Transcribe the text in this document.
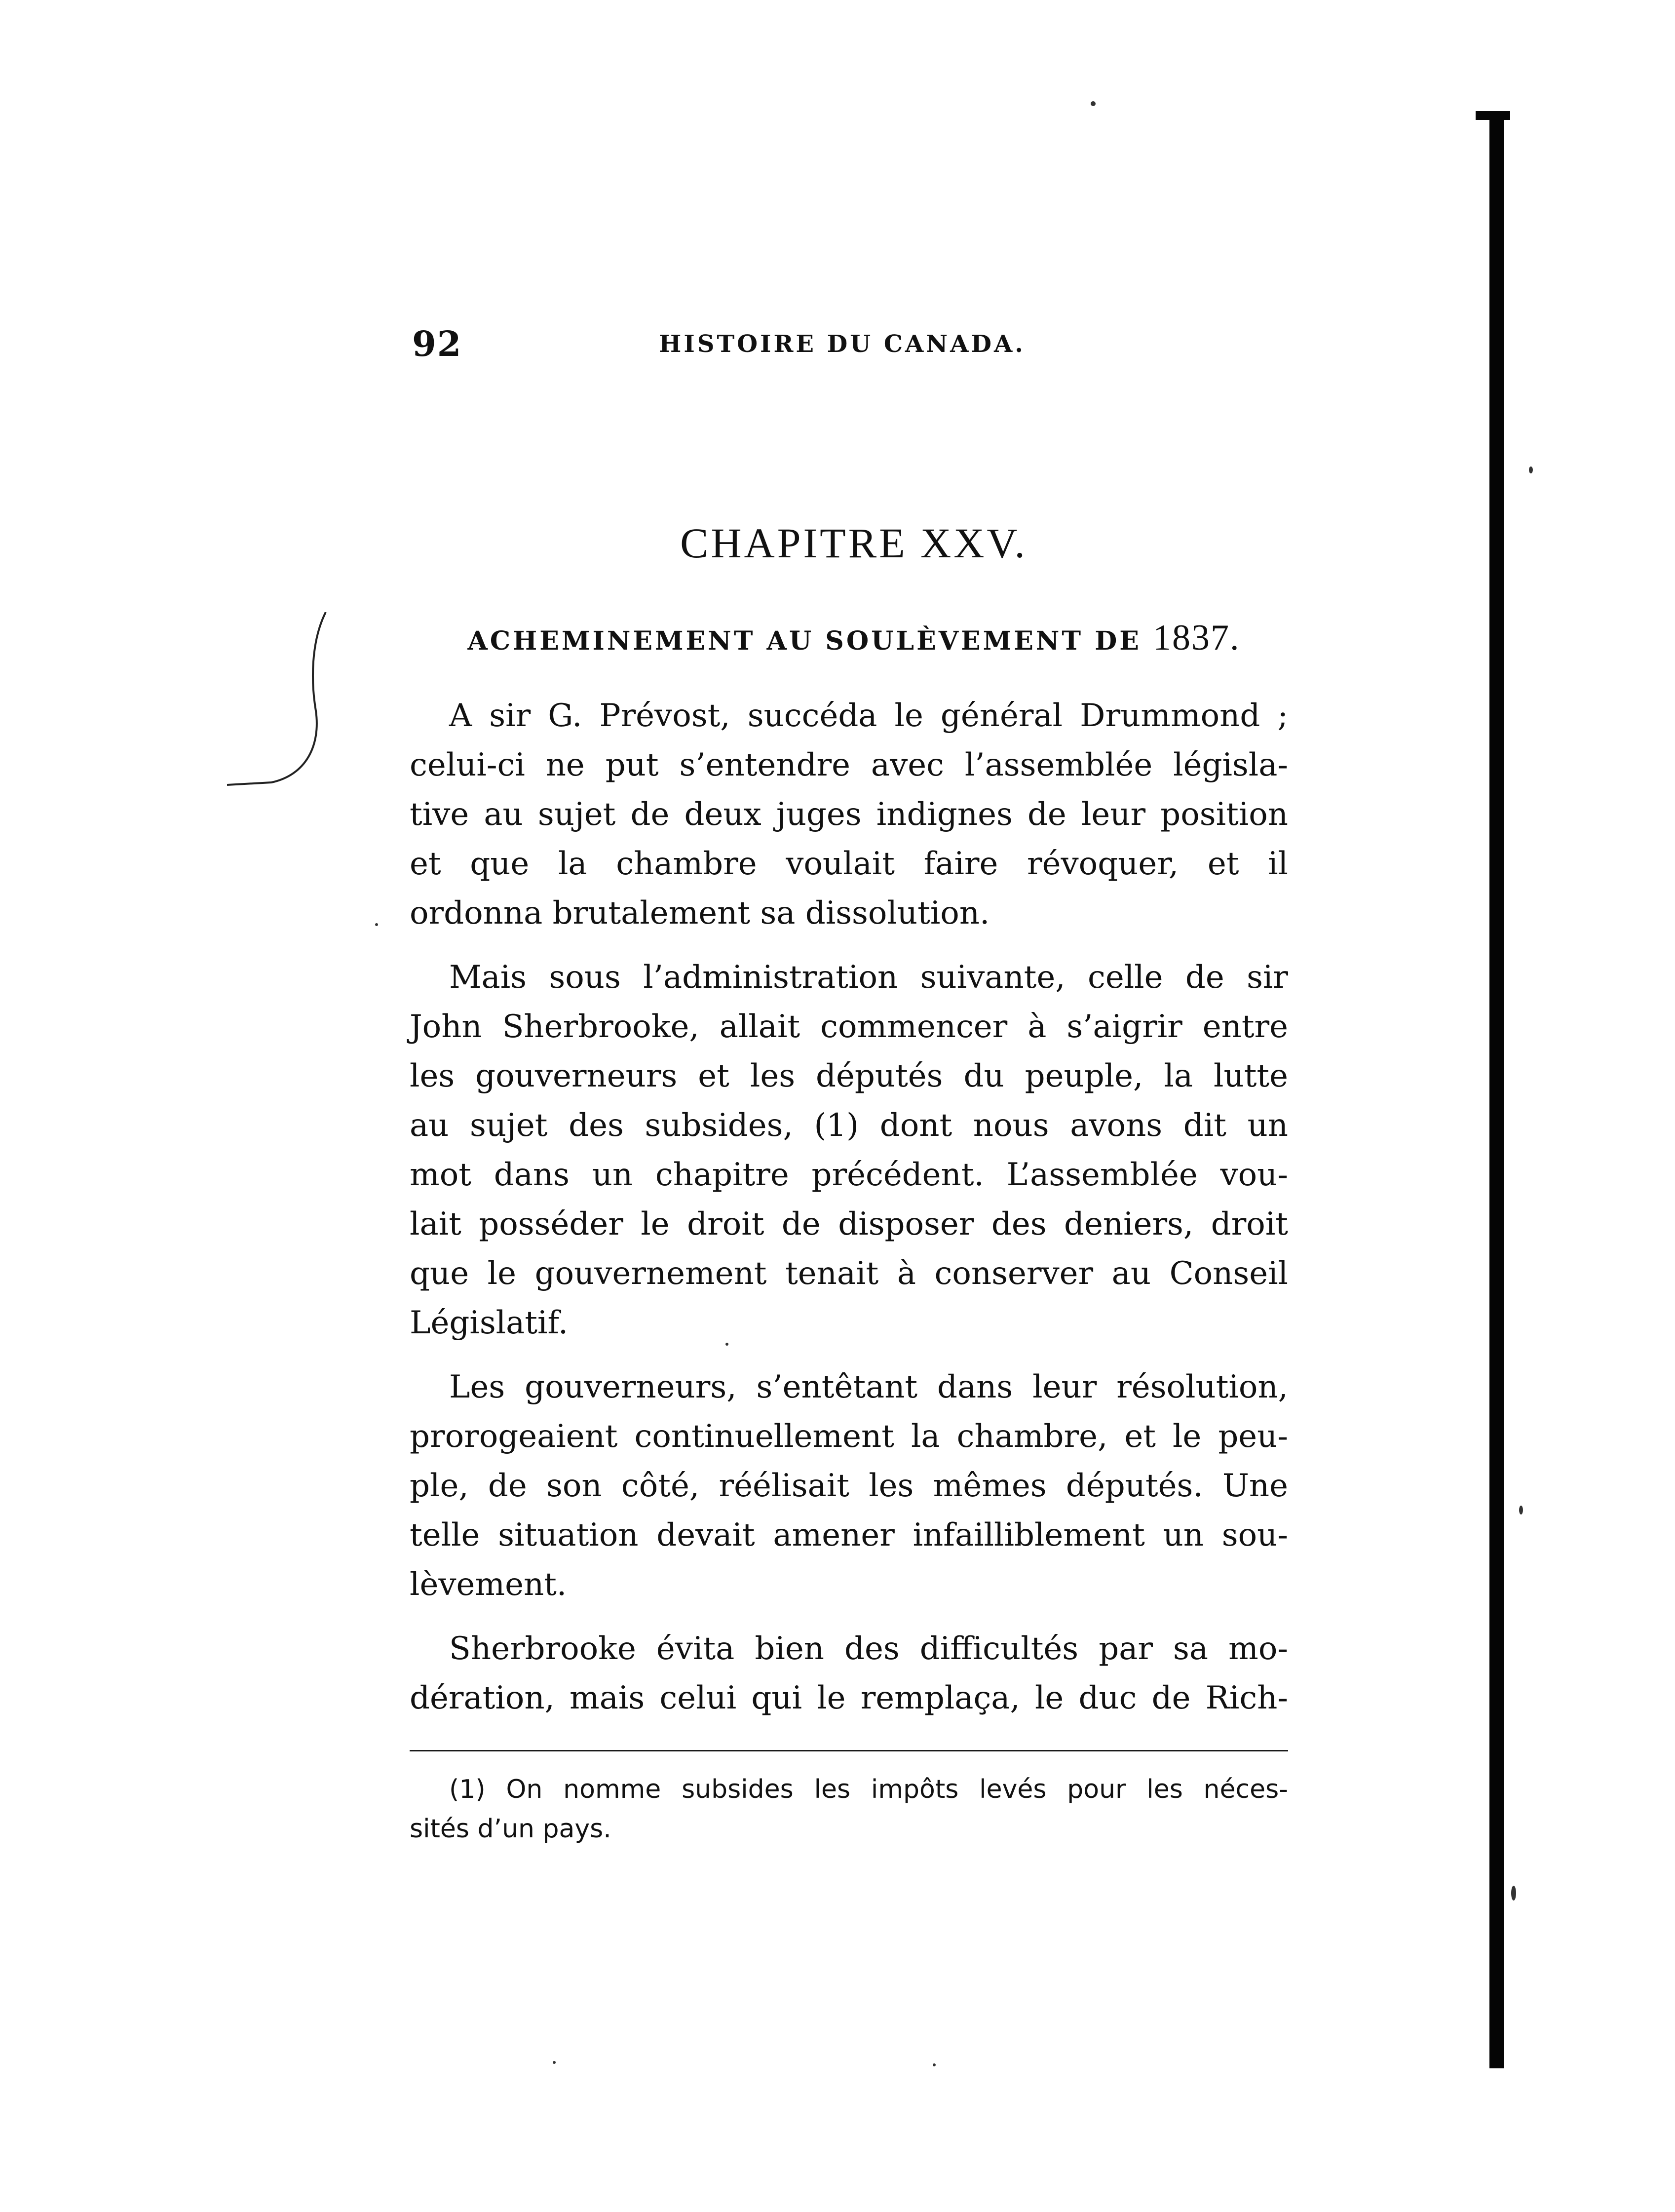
92	HISTOIRE DU CANADA.
CHAPITRE XXV.
ACHEMINEMENT AU SOULÈVEMENT DE 1837.
A sir G. Prévost, succéda le général Drummond ;
celui-ci ne put s’entendre avec l’assemblée législa-
tive au sujet de deux juges indignes de leur position
et que la chambre voulait faire révoquer, et il
ordonna brutalement sa dissolution.
Mais sous l’administration suivante, celle de sir
John Sherbrooke, allait commencer à s’aigrir entre
les gouverneurs et les députés du peuple, la lutte
au sujet des subsides, (1) dont nous avons dit un
mot dans un chapitre précédent. L’assemblée vou-
lait posséder le droit de disposer des deniers, droit
que le gouvernement tenait à conserver au Conseil
Législatif.
Les gouverneurs, s’entêtant dans leur résolution,
prorogeaient continuellement la chambre, et le peu-
ple, de son côté, réélisait les mêmes députés. Une
telle situation devait amener infailliblement un sou-
lèvement.
Sherbrooke évita bien des difficultés par sa mo-
dération, mais celui qui le remplaça, le duc de Rich-
(1) On nomme subsides les impôts levés pour les néces-
sités d’un pays.
